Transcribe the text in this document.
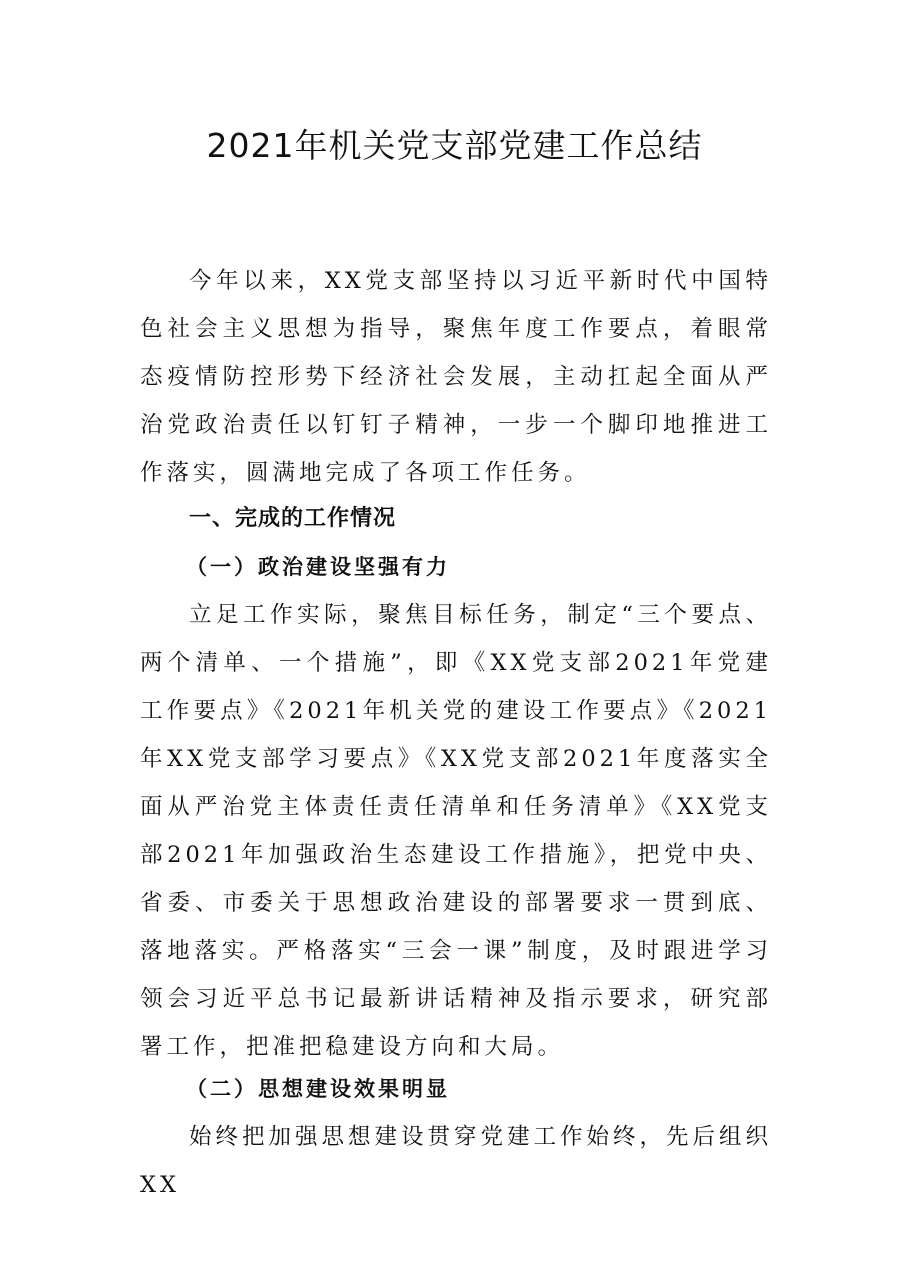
2021年机关党支部党建工作总结

今年以来，XX党支部坚持以习近平新时代中国特色社会主义思想为指导，聚焦年度工作要点，着眼常态疫情防控形势下经济社会发展，主动扛起全面从严治党政治责任以钉钉子精神，一步一个脚印地推进工作落实，圆满地完成了各项工作任务。

一、完成的工作情况
（一）政治建设坚强有力

立足工作实际，聚焦目标任务，制定“三个要点、两个清单、一个措施”，即《XX党支部2021年党建工作要点》《2021年机关党的建设工作要点》《2021年XX党支部学习要点》《XX党支部2021年度落实全面从严治党主体责任责任清单和任务清单》《XX党支部2021年加强政治生态建设工作措施》，把党中央、省委、市委关于思想政治建设的部署要求一贯到底、落地落实。严格落实“三会一课”制度，及时跟进学习领会习近平总书记最新讲话精神及指示要求，研究部署工作，把准把稳建设方向和大局。

（二）思想建设效果明显

始终把加强思想建设贯穿党建工作始终，先后组织XX
